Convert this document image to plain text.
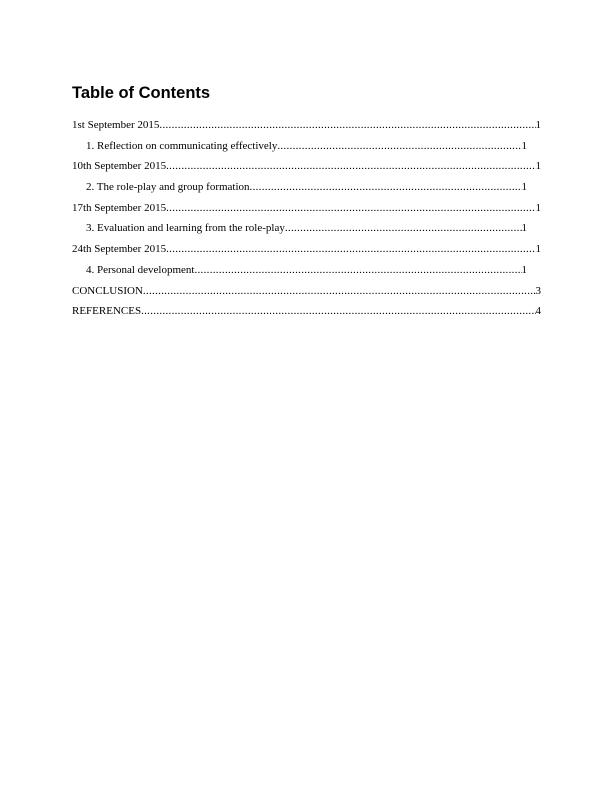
Table of Contents
1st September 2015 .....	1
1. Reflection on communicating effectively .....	1
10th September 2015 .....	1
2. The role-play and group formation .....	1
17th September 2015 .....	1
3. Evaluation and learning from the role-play .....	1
24th September 2015 .....	1
4. Personal development .....	1
CONCLUSION .....	3
REFERENCES .....	4
